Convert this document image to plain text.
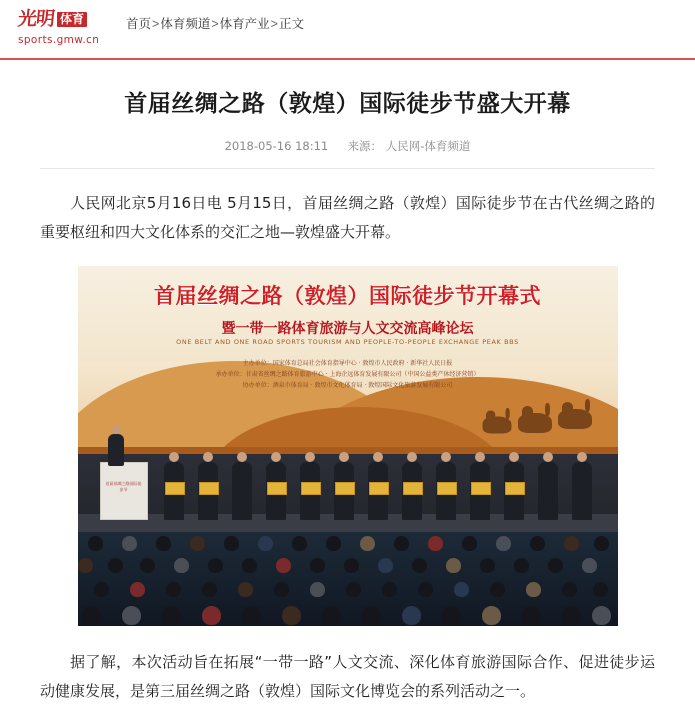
光明 体育
sports.gmw.cn
首页>体育频道>体育产业>正文
首届丝绸之路（敦煌）国际徒步节盛大开幕
2018-05-16 18:11 来源： 人民网-体育频道

人民网北京5月16日电 5月15日，首届丝绸之路（敦煌）国际徒步节在古代丝绸之路的重要枢纽和四大文化体系的交汇之地—敦煌盛大开幕。

首届丝绸之路（敦煌）国际徒步节开幕式
暨一带一路体育旅游与人文交流高峰论坛
ONE BELT AND ONE ROAD SPORTS TOURISM AND PEOPLE-TO-PEOPLE EXCHANGE PEAK BBS
主办单位：国家体育总局社会体育指导中心 · 敦煌市人民政府 · 新华社人民日报
承办单位：甘肃省丝绸之路体育旅游中心 · 上海企远体育发展有限公司（中国公益类产休经济营销）
协办单位：酒泉市体育局 · 敦煌市文化体育局 · 敦煌国际文化旅游发展有限公司
首届丝绸之路国际徒步节

据了解，本次活动旨在拓展“一带一路”人文交流、深化体育旅游国际合作、促进徒步运动健康发展，是第三届丝绸之路（敦煌）国际文化博览会的系列活动之一。
